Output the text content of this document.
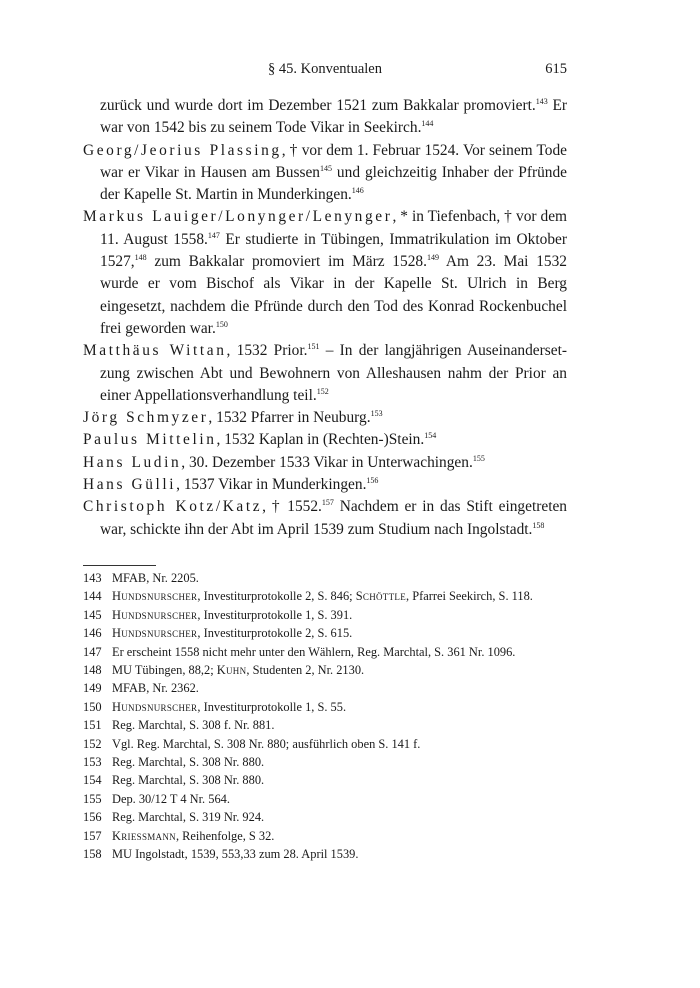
§ 45. Konventualen	615

zurück und wurde dort im Dezember 1521 zum Bakkalar promoviert.$^{143}$ Er war von 1542 bis zu seinem Tode Vikar in Seekirch.$^{144}$

Georg/Jeorius Plassing, † vor dem 1. Februar 1524. Vor seinem Tode war er Vikar in Hausen am Bussen$^{145}$ und gleichzeitig Inhaber der Pfründe der Kapelle St. Martin in Munderkingen.$^{146}$

Markus Lauiger/Lonynger/Lenynger, * in Tiefenbach, † vor dem 11. August 1558.$^{147}$ Er studierte in Tübingen, Immatrikulation im Oktober 1527,$^{148}$ zum Bakkalar promoviert im März 1528.$^{149}$ Am 23. Mai 1532 wurde er vom Bischof als Vikar in der Kapelle St. Ulrich in Berg eingesetzt, nachdem die Pfründe durch den Tod des Konrad Rockenbuchel frei geworden war.$^{150}$

Matthäus Wittan, 1532 Prior.$^{151}$ – In der langjährigen Auseinandersetzung zwischen Abt und Bewohnern von Alleshausen nahm der Prior an einer Appellationsverhandlung teil.$^{152}$

Jörg Schmyzer, 1532 Pfarrer in Neuburg.$^{153}$

Paulus Mittelin, 1532 Kaplan in (Rechten-)Stein.$^{154}$

Hans Ludin, 30. Dezember 1533 Vikar in Unterwachingen.$^{155}$

Hans Gülli, 1537 Vikar in Munderkingen.$^{156}$

Christoph Kotz/Katz, † 1552.$^{157}$ Nachdem er in das Stift eingetreten war, schickte ihn der Abt im April 1539 zum Studium nach Ingolstadt.$^{158}$

143 MFAB, Nr. 2205.
144 Hundsnurscher, Investiturprotokolle 2, S. 846; Schöttle, Pfarrei Seekirch, S. 118.
145 Hundsnurscher, Investiturprotokolle 1, S. 391.
146 Hundsnurscher, Investiturprotokolle 2, S. 615.
147 Er erscheint 1558 nicht mehr unter den Wählern, Reg. Marchtal, S. 361 Nr. 1096.
148 MU Tübingen, 88,2; Kuhn, Studenten 2, Nr. 2130.
149 MFAB, Nr. 2362.
150 Hundsnurscher, Investiturprotokolle 1, S. 55.
151 Reg. Marchtal, S. 308 f. Nr. 881.
152 Vgl. Reg. Marchtal, S. 308 Nr. 880; ausführlich oben S. 141 f.
153 Reg. Marchtal, S. 308 Nr. 880.
154 Reg. Marchtal, S. 308 Nr. 880.
155 Dep. 30/12 T 4 Nr. 564.
156 Reg. Marchtal, S. 319 Nr. 924.
157 Kriessmann, Reihenfolge, S 32.
158 MU Ingolstadt, 1539, 553,33 zum 28. April 1539.
